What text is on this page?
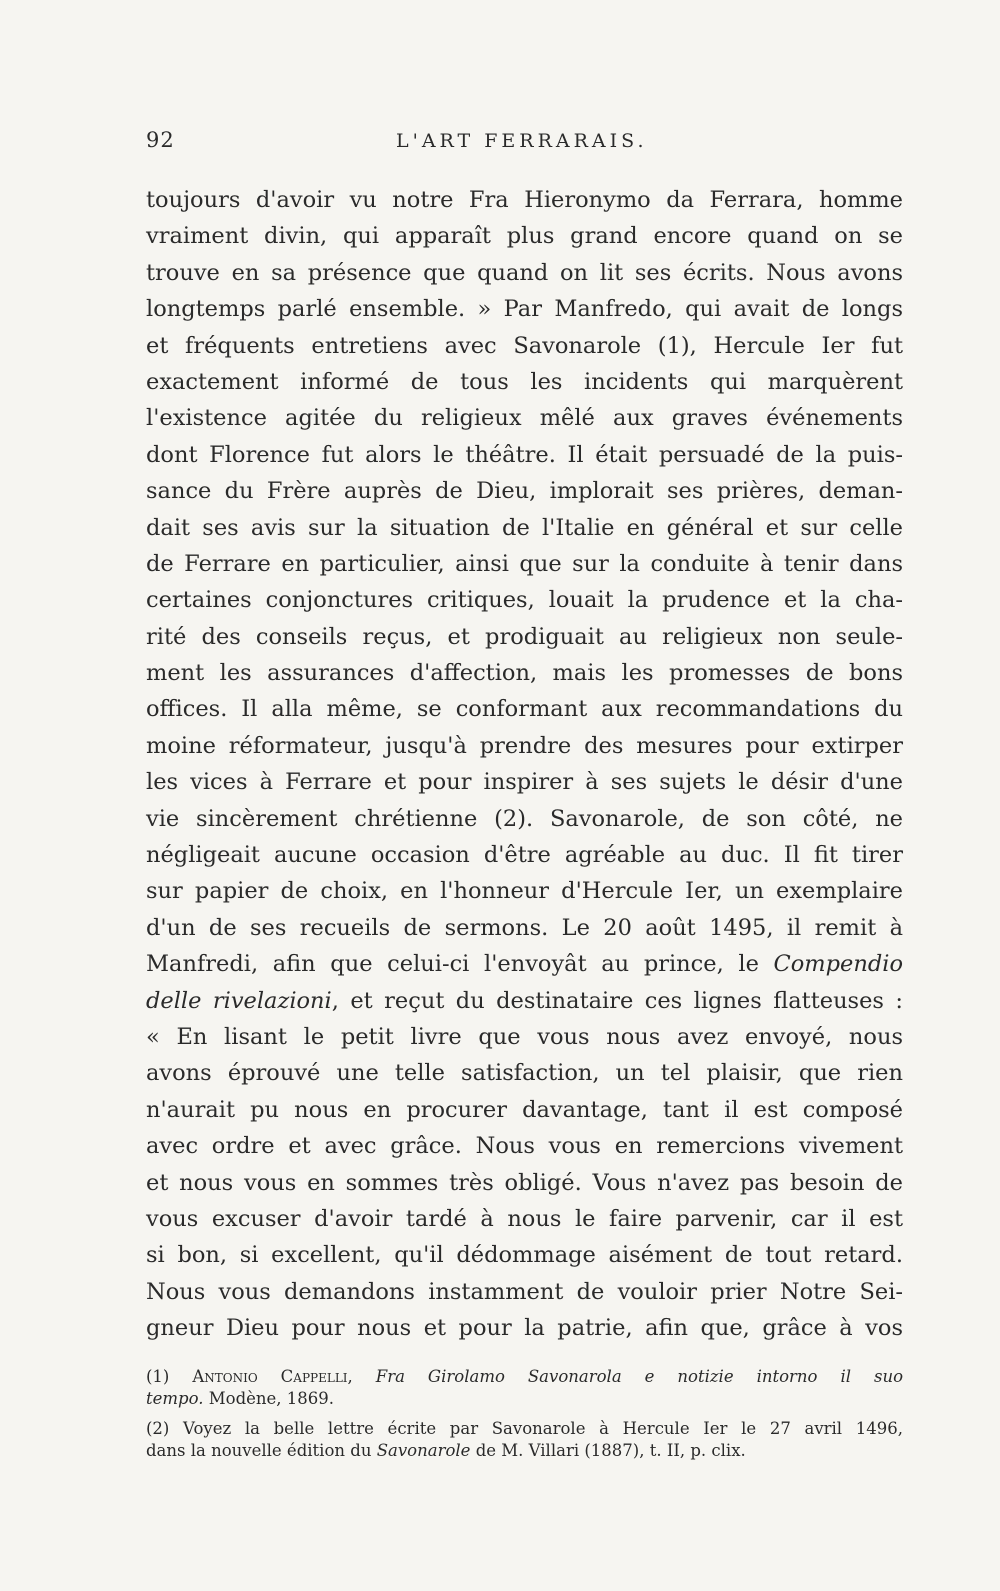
92	L'ART FERRARAIS.
toujours d'avoir vu notre Fra Hieronymo da Ferrara, homme
vraiment divin, qui apparaît plus grand encore quand on se
trouve en sa présence que quand on lit ses écrits. Nous avons
longtemps parlé ensemble. » Par Manfredo, qui avait de longs
et fréquents entretiens avec Savonarole (1), Hercule Ier fut
exactement informé de tous les incidents qui marquèrent
l'existence agitée du religieux mêlé aux graves événements
dont Florence fut alors le théâtre. Il était persuadé de la puis-
sance du Frère auprès de Dieu, implorait ses prières, deman-
dait ses avis sur la situation de l'Italie en général et sur celle
de Ferrare en particulier, ainsi que sur la conduite à tenir dans
certaines conjonctures critiques, louait la prudence et la cha-
rité des conseils reçus, et prodiguait au religieux non seule-
ment les assurances d'affection, mais les promesses de bons
offices. Il alla même, se conformant aux recommandations du
moine réformateur, jusqu'à prendre des mesures pour extirper
les vices à Ferrare et pour inspirer à ses sujets le désir d'une
vie sincèrement chrétienne (2). Savonarole, de son côté, ne
négligeait aucune occasion d'être agréable au duc. Il fit tirer
sur papier de choix, en l'honneur d'Hercule Ier, un exemplaire
d'un de ses recueils de sermons. Le 20 août 1495, il remit à
Manfredi, afin que celui-ci l'envoyât au prince, le Compendio
delle rivelazioni, et reçut du destinataire ces lignes flatteuses :
« En lisant le petit livre que vous nous avez envoyé, nous
avons éprouvé une telle satisfaction, un tel plaisir, que rien
n'aurait pu nous en procurer davantage, tant il est composé
avec ordre et avec grâce. Nous vous en remercions vivement
et nous vous en sommes très obligé. Vous n'avez pas besoin de
vous excuser d'avoir tardé à nous le faire parvenir, car il est
si bon, si excellent, qu'il dédommage aisément de tout retard.
Nous vous demandons instamment de vouloir prier Notre Sei-
gneur Dieu pour nous et pour la patrie, afin que, grâce à vos
(1) Antonio Cappelli, Fra Girolamo Savonarola e notizie intorno il suo
tempo. Modène, 1869.
(2) Voyez la belle lettre écrite par Savonarole à Hercule Ier le 27 avril 1496,
dans la nouvelle édition du Savonarole de M. Villari (1887), t. II, p. clix.
